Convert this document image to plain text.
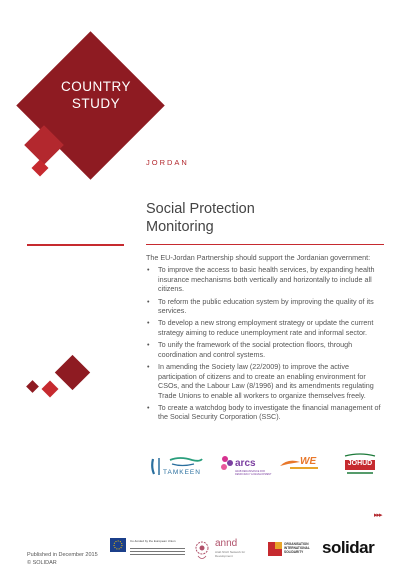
COUNTRY
STUDY
JORDAN
Social Protection
Monitoring
The EU-Jordan Partnership should support the Jordanian government:
• To improve the access to basic health services, by expanding health insurance mechanisms both vertically and horizontally to include all citizens.
• To reform the public education system by improving the quality of its services.
• To develop a new strong employment strategy or update the current strategy aiming to reduce unemployment rate and informal sector.
• To unify the framework of the social protection floors, through coordination and control systems.
• In amending the Society law (22/2009) to improve the active participation of citizens and to create an enabling environment for CSOs, and the Labour Law (8/1996) and its amendments regulating Trade Unions to enable all workers to organize themselves freely.
• To create a watchdog body to investigate the financial management of the Social Security Corporation (SSC).
TAMKEEN
arcs
ARAB RENAISSANCE FOR DEMOCRACY & DEVELOPMENT
WE	JOHUD
▸▸▸
Published in December 2015
© SOLIDAR
Co-funded by the European Union	annd
Arab NGO Network for Development
ORGANISATION INTERNATIONAL SOLIDARITY	solidar
